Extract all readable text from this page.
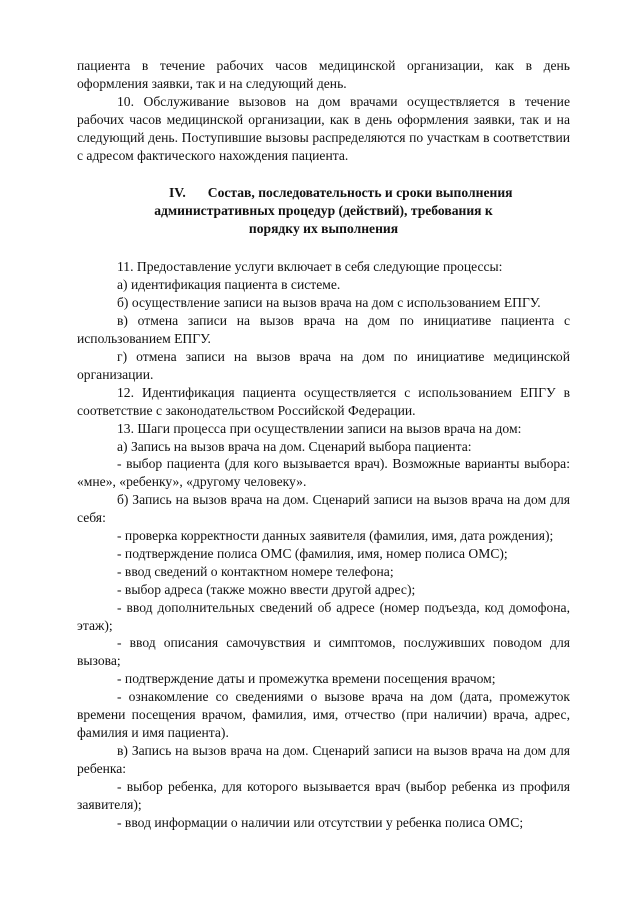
пациента в течение рабочих часов медицинской организации, как в день оформления заявки, так и на следующий день.

10. Обслуживание вызовов на дом врачами осуществляется в течение рабочих часов медицинской организации, как в день оформления заявки, так и на следующий день. Поступившие вызовы распределяются по участкам в соответствии с адресом фактического нахождения пациента.

IV. Состав, последовательность и сроки выполнения
административных процедур (действий), требования к
порядку их выполнения

11. Предоставление услуги включает в себя следующие процессы:

а) идентификация пациента в системе.

б) осуществление записи на вызов врача на дом с использованием ЕПГУ.

в) отмена записи на вызов врача на дом по инициативе пациента с использованием ЕПГУ.

г) отмена записи на вызов врача на дом по инициативе медицинской организации.

12. Идентификация пациента осуществляется с использованием ЕПГУ в соответствие с законодательством Российской Федерации.

13. Шаги процесса при осуществлении записи на вызов врача на дом:

а) Запись на вызов врача на дом. Сценарий выбора пациента:

- выбор пациента (для кого вызывается врач). Возможные варианты выбора: «мне», «ребенку», «другому человеку».

б) Запись на вызов врача на дом. Сценарий записи на вызов врача на дом для себя:

- проверка корректности данных заявителя (фамилия, имя, дата рождения);

- подтверждение полиса ОМС (фамилия, имя, номер полиса ОМС);

- ввод сведений о контактном номере телефона;

- выбор адреса (также можно ввести другой адрес);

- ввод дополнительных сведений об адресе (номер подъезда, код домофона, этаж);

- ввод описания самочувствия и симптомов, послуживших поводом для вызова;

- подтверждение даты и промежутка времени посещения врачом;

- ознакомление со сведениями о вызове врача на дом (дата, промежуток времени посещения врачом, фамилия, имя, отчество (при наличии) врача, адрес, фамилия и имя пациента).

в) Запись на вызов врача на дом. Сценарий записи на вызов врача на дом для ребенка:

- выбор ребенка, для которого вызывается врач (выбор ребенка из профиля заявителя);

- ввод информации о наличии или отсутствии у ребенка полиса ОМС;
